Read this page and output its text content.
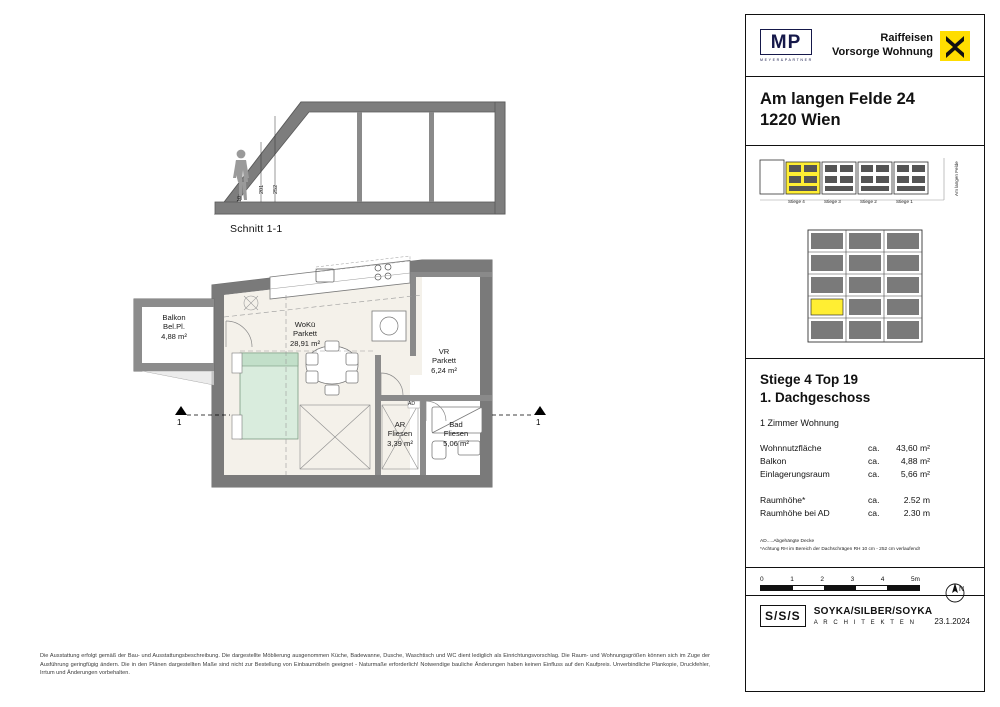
252
201
10
Schnitt 1-1
Balkon
Bel.Pl.
4,88 m²
WoKü
Parkett
28,91 m²
VR
Parkett
6,24 m²
AR
Fliesen
3,39 m²
Bad
Fliesen
5,06 m²
AD
1	1
Die Ausstattung erfolgt gemäß der Bau- und Ausstattungsbeschreibung. Die dargestellte Möblierung ausgenommen Küche, Badewanne, Dusche, Waschtisch und WC dient lediglich als Einrichtungsvorschlag. Die Raum- und Wohnungsgrößen können sich im Zuge der Ausführung geringfügig ändern. Die in den Plänen dargestellten Maße sind nicht zur Bestellung von Einbaumöbeln geeignet - Naturmaße erforderlich! Notwendige bauliche Änderungen haben keinen Einfluss auf den Kaufpreis. Unverbindliche Plankopie, Druckfehler, Irrtum und Änderungen vorbehalten.
MP
MEYER&PARTNER
Raiffeisen
Vorsorge Wohnung
Am langen Felde 24
1220 Wien
Stiege 4	Stiege 3	Stiege 2	Stiege 1
Am langen Felde
Stiege 4 Top 19
1. Dachgeschoss
1 Zimmer Wohnung
Wohnnutzfläche	ca.	43,60 m²
Balkon	ca.	4,88 m²
Einlagerungsraum	ca.	5,66 m²
Raumhöhe*	ca.	2.52 m
Raumhöhe bei AD	ca.	2.30 m
AD.....Abgehängte Decke
*Achtung RH im Bereich der Dachschrägen RH 10 cm - 252 cm verlaufend!
0	1	2	3	4	5m
N
S/S/S	SOYKA/SILBER/SOYKA
A R C H I T E K T E N	23.1.2024
